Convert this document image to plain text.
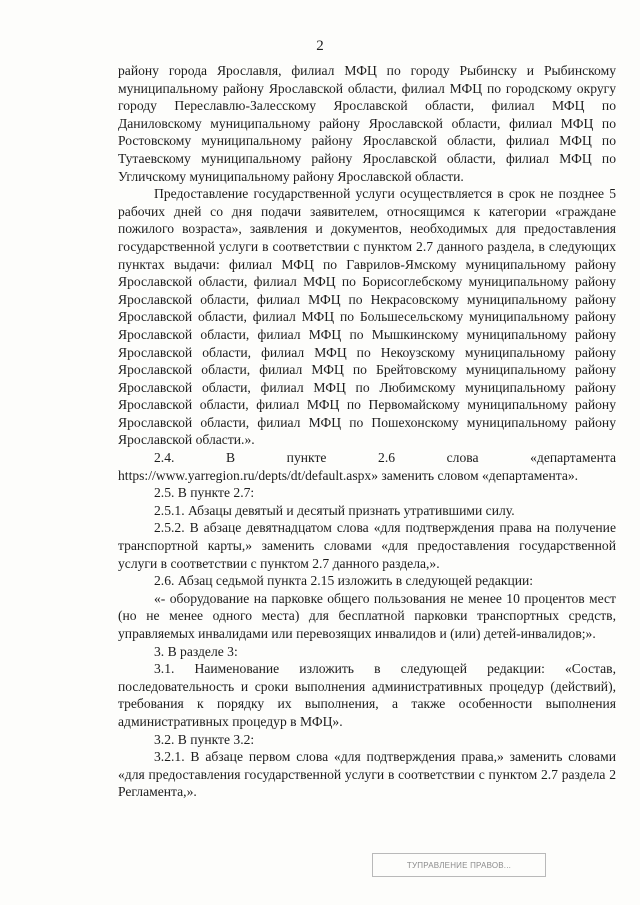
2

району города Ярославля, филиал МФЦ по городу Рыбинску и Рыбинскому муниципальному району Ярославской области, филиал МФЦ по городскому округу городу Переславлю-Залесскому Ярославской области, филиал МФЦ по Даниловскому муниципальному району Ярославской области, филиал МФЦ по Ростовскому муниципальному району Ярославской области, филиал МФЦ по Тутаевскому муниципальному району Ярославской области, филиал МФЦ по Угличскому муниципальному району Ярославской области.

Предоставление государственной услуги осуществляется в срок не позднее 5 рабочих дней со дня подачи заявителем, относящимся к категории «граждане пожилого возраста», заявления и документов, необходимых для предоставления государственной услуги в соответствии с пунктом 2.7 данного раздела, в следующих пунктах выдачи: филиал МФЦ по Гаврилов-Ямскому муниципальному району Ярославской области, филиал МФЦ по Борисоглебскому муниципальному району Ярославской области, филиал МФЦ по Некрасовскому муниципальному району Ярославской области, филиал МФЦ по Большесельскому муниципальному району Ярославской области, филиал МФЦ по Мышкинскому муниципальному району Ярославской области, филиал МФЦ по Некоузскому муниципальному району Ярославской области, филиал МФЦ по Брейтовскому муниципальному району Ярославской области, филиал МФЦ по Любимскому муниципальному району Ярославской области, филиал МФЦ по Первомайскому муниципальному району Ярославской области, филиал МФЦ по Пошехонскому муниципальному району Ярославской области.».

2.4. В пункте 2.6 слова «департамента https://www.yarregion.ru/depts/dt/default.aspx» заменить словом «департамента».

2.5. В пункте 2.7:

2.5.1. Абзацы девятый и десятый признать утратившими силу.

2.5.2. В абзаце девятнадцатом слова «для подтверждения права на получение транспортной карты,» заменить словами «для предоставления государственной услуги в соответствии с пунктом 2.7 данного раздела,».

2.6. Абзац седьмой пункта 2.15 изложить в следующей редакции:

«- оборудование на парковке общего пользования не менее 10 процентов мест (но не менее одного места) для бесплатной парковки транспортных средств, управляемых инвалидами или перевозящих инвалидов и (или) детей-инвалидов;».

3. В разделе 3:

3.1. Наименование изложить в следующей редакции: «Состав, последовательность и сроки выполнения административных процедур (действий), требования к порядку их выполнения, а также особенности выполнения административных процедур в МФЦ».

3.2. В пункте 3.2:

3.2.1. В абзаце первом слова «для подтверждения права,» заменить словами «для предоставления государственной услуги в соответствии с пунктом 2.7 раздела 2 Регламента,».

ТУПРАВЛЕНИЕ ПРАВОВ...
